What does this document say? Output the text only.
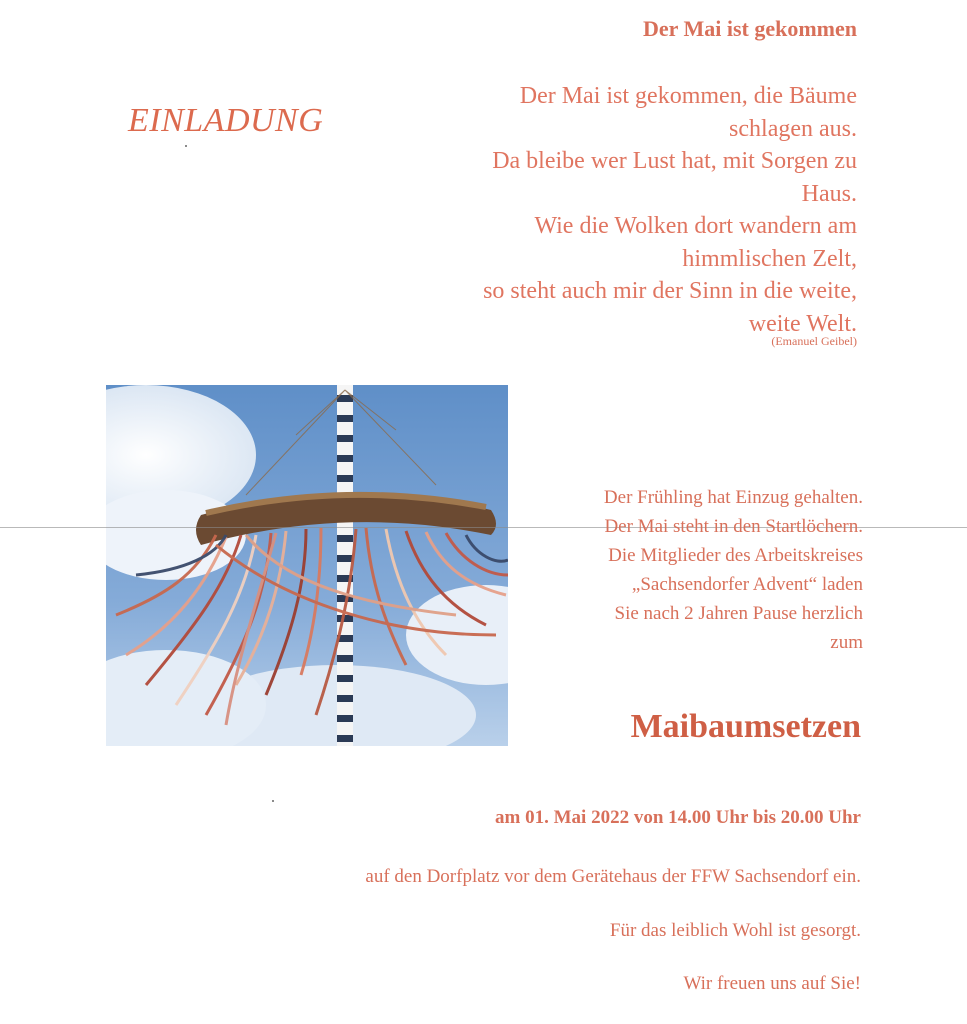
Der Mai ist gekommen
EINLADUNG
Der Mai ist gekommen, die Bäume
schlagen aus.
Da bleibe wer Lust hat, mit Sorgen zu
Haus.
Wie die Wolken dort wandern am
himmlischen Zelt,
so steht auch mir der Sinn in die weite,
weite Welt.
(Emanuel Geibel)
Der Frühling hat Einzug gehalten.
Der Mai steht in den Startlöchern.
Die Mitglieder des Arbeitskreises
„Sachsendorfer Advent“ laden
Sie nach 2 Jahren Pause herzlich
zum
Maibaumsetzen
am 01. Mai 2022 von 14.00 Uhr bis 20.00 Uhr
auf den Dorfplatz vor dem Gerätehaus der FFW Sachsendorf ein.
Für das leiblich Wohl ist gesorgt.
Wir freuen uns auf Sie!
